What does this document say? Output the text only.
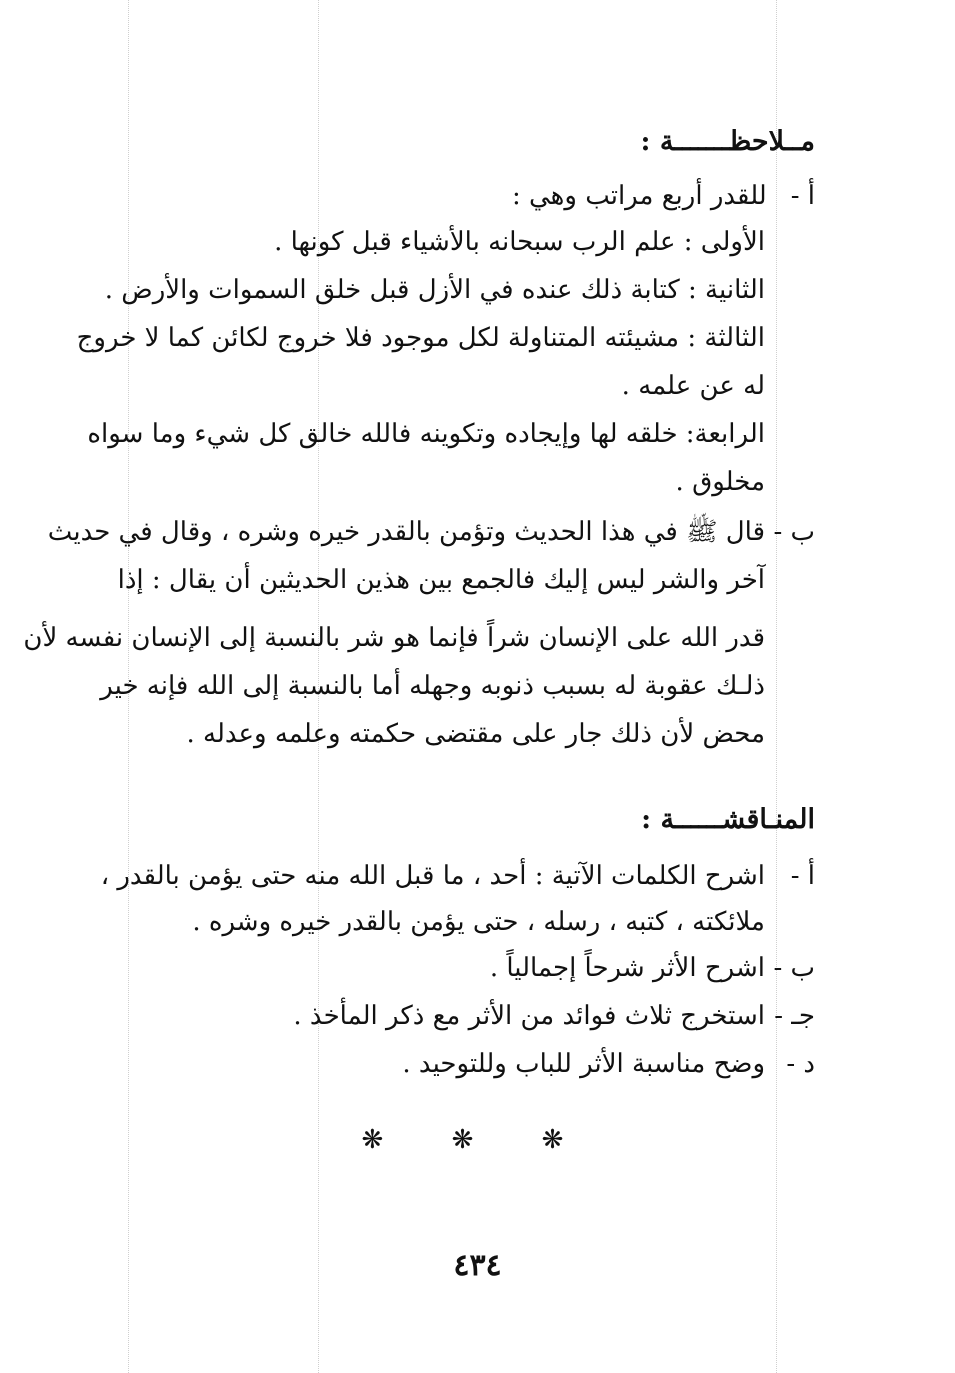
مــلاحظـــــــة :
أ - للقدر أربع مراتب وهي :
الأولى : علم الرب سبحانه بالأشياء قبل كونها .
الثانية : كتابة ذلك عنده في الأزل قبل خلق السموات والأرض .
الثالثة : مشيئته المتناولة لكل موجود فلا خروج لكائن كما لا خروج
له عن علمه .
الرابعة: خلقه لها وإيجاده وتكوينه فالله خالق كل شيء وما سواه
مخلوق .
ب -
قال ﷺ في هذا الحديث وتؤمن بالقدر خيره وشره ، وقال في حديث
آخر والشر ليس إليك فالجمع بين هذين الحديثين أن يقال : إذا
قدر الله على الإنسان شراً فإنما هو شر بالنسبة إلى الإنسان نفسه لأن
ذلـك عقوبة له بسبب ذنوبه وجهله أما بالنسبة إلى الله فإنه خير
محض لأن ذلك جار على مقتضى حكمته وعلمه وعدله .
المنـاقشــــــة :
أ -
اشرح الكلمات الآتية : أحد ، ما قبل الله منه حتى يؤمن بالقدر ،
ملائكته ، كتبه ، رسله ، حتى يؤمن بالقدر خيره وشره .
ب -
اشرح الأثر شرحاً إجمالياً .
جـ -
استخرج ثلاث فوائد من الأثر مع ذكر المأخذ .
د -
وضح مناسبة الأثر للباب وللتوحيد .
❋ ❋ ❋
٤٣٤
